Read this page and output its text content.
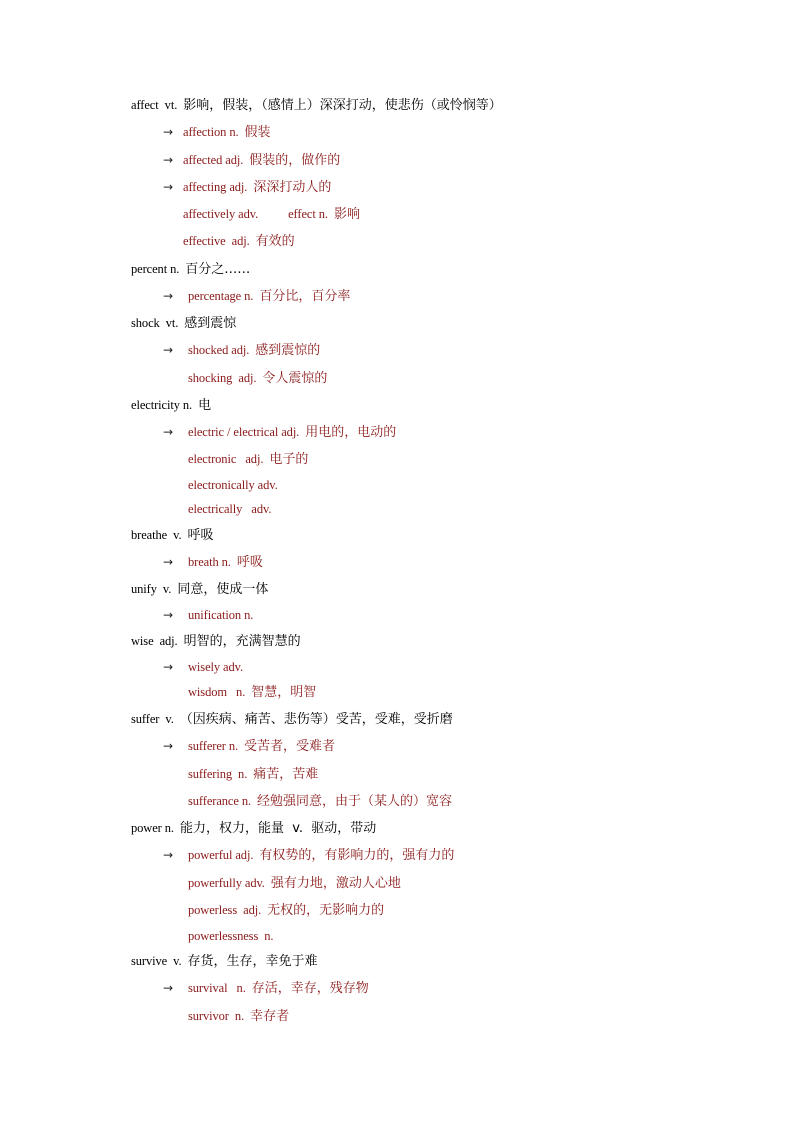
affect  vt. 影响，假装，（感情上）深深打动，使悲伤（或怜悯等）
→ affection n. 假装
→ affected adj. 假装的，做作的
→ affecting adj. 深深打动人的
affectively adv. effect n. 影响
effective  adj. 有效的
percent n. 百分之……
→ percentage n. 百分比，百分率
shock  vt. 感到震惊
→ shocked adj. 感到震惊的
shocking  adj. 令人震惊的
electricity n. 电
→ electric / electrical adj. 用电的，电动的
electronic   adj. 电子的
electronically adv.
electrically   adv.
breathe  v. 呼吸
→ breath n. 呼吸
unify  v. 同意，使成一体
→ unification n.
wise  adj. 明智的，充满智慧的
→ wisely adv.
wisdom   n. 智慧，明智
suffer  v. （因疾病、痛苦、悲伤等）受苦，受难，受折磨
→ sufferer n. 受苦者，受难者
suffering  n. 痛苦，苦难
sufferance n. 经勉强同意，由于（某人的）宽容
power n. 能力，权力，能量  v.  驱动，带动
→ powerful adj. 有权势的，有影响力的，强有力的
powerfully adv. 强有力地，激动人心地
powerless  adj. 无权的，无影响力的
powerlessness  n.
survive  v. 存货，生存，幸免于难
→ survival   n. 存活，幸存，残存物
survivor  n. 幸存者
